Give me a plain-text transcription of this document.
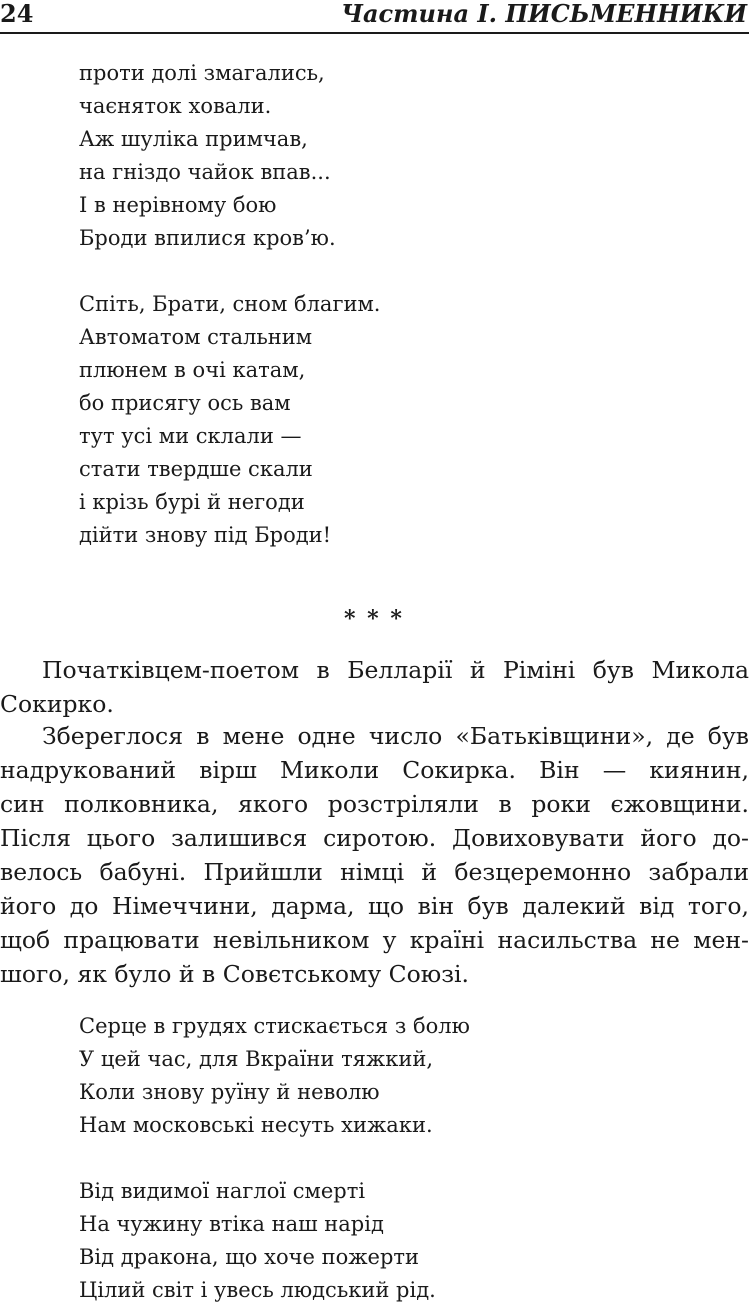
24	Частина І. ПИСЬМЕННИКИ
проти долі змагались,
чаєняток ховали.
Аж шуліка примчав,
на гніздо чайок впав...
І в нерівному бою
Броди впилися кров’ю.
Спіть, Брати, сном благим.
Автоматом стальним
плюнем в очі катам,
бо присягу ось вам
тут усі ми склали —
стати твердше скали
і крізь бурі й негоди
дійти знову під Броди!
* * *
Початківцем-поетом в Белларії й Ріміні був Микола
Сокирко.
Збереглося в мене одне число «Батьківщини», де був
надрукований вірш Миколи Сокирка. Він — киянин,
син полковника, якого розстріляли в роки єжовщини.
Після цього залишився сиротою. Довиховувати його до-
велось бабуні. Прийшли німці й безцеремонно забрали
його до Німеччини, дарма, що він був далекий від того,
щоб працювати невільником у країні насильства не мен-
шого, як було й в Совєтському Союзі.
Серце в грудях стискається з болю
У цей час, для Вкраїни тяжкий,
Коли знову руїну й неволю
Нам московські несуть хижаки.
Від видимої наглої смерті
На чужину втіка наш нарід
Від дракона, що хоче пожерти
Цілий світ і увесь людський рід.
